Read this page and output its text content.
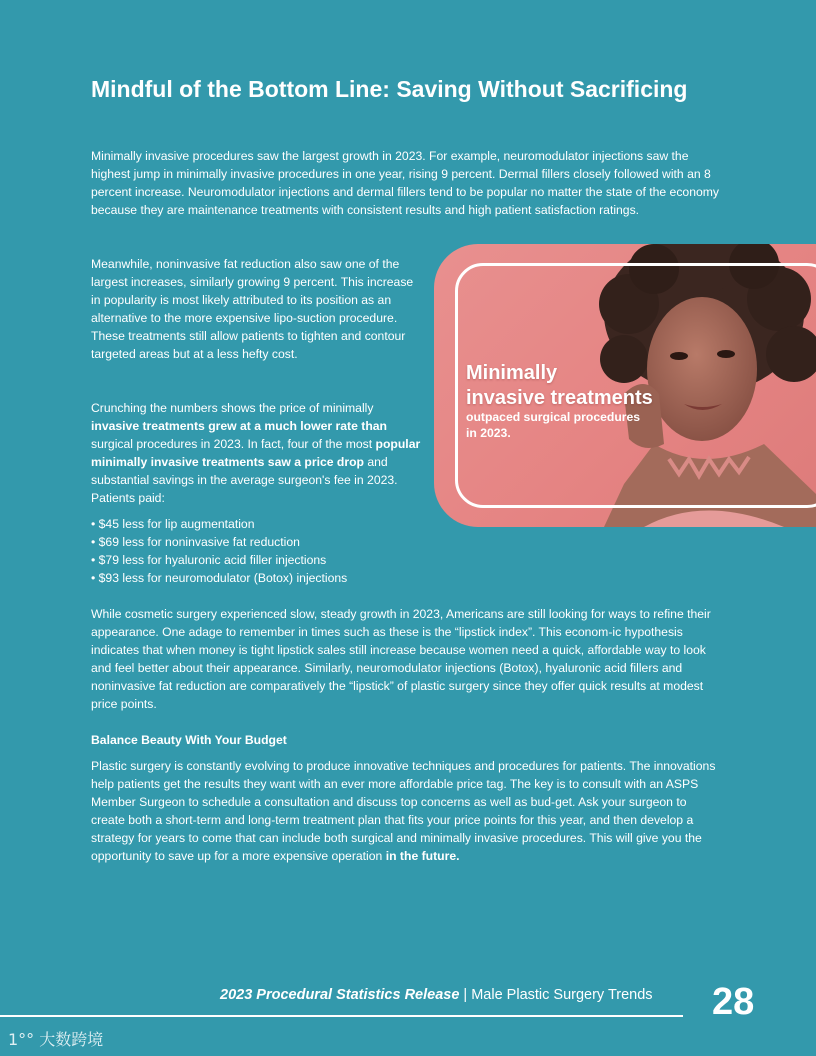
Mindful of the Bottom Line: Saving Without Sacrificing

Minimally invasive procedures saw the largest growth in 2023. For example, neuromodulator injections saw the highest jump in minimally invasive procedures in one year, rising 9 percent. Dermal fillers closely followed with an 8 percent increase. Neuromodulator injections and dermal fillers tend to be popular no matter the state of the economy because they are maintenance treatments with consistent results and high patient satisfaction ratings.

Meanwhile, noninvasive fat reduction also saw one of the largest increases, similarly growing 9 percent. This increase in popularity is most likely attributed to its position as an alternative to the more expensive lipo-suction procedure. These treatments still allow patients to tighten and contour targeted areas but at a less hefty cost.

Crunching the numbers shows the price of minimally invasive treatments grew at a much lower rate than surgical procedures in 2023. In fact, four of the most popular minimally invasive treatments saw a price drop and substantial savings in the average surgeon's fee in 2023. Patients paid:

• $45 less for lip augmentation
• $69 less for noninvasive fat reduction
• $79 less for hyaluronic acid filler injections
• $93 less for neuromodulator (Botox) injections

Minimally
invasive treatments

outpaced surgical procedures
in 2023.

While cosmetic surgery experienced slow, steady growth in 2023, Americans are still looking for ways to refine their appearance. One adage to remember in times such as these is the “lipstick index”. This econom-ic hypothesis indicates that when money is tight lipstick sales still increase because women need a quick, affordable way to look and feel better about their appearance. Similarly, neuromodulator injections (Botox), hyaluronic acid fillers and noninvasive fat reduction are comparatively the “lipstick” of plastic surgery since they offer quick results at modest price points.

Balance Beauty With Your Budget

Plastic surgery is constantly evolving to produce innovative techniques and procedures for patients. The innovations help patients get the results they want with an ever more affordable price tag. The key is to consult with an ASPS Member Surgeon to schedule a consultation and discuss top concerns as well as bud-get. Ask your surgeon to create both a short-term and long-term treatment plan that fits your price points for this year, and then develop a strategy for years to come that can include both surgical and minimally invasive procedures. This will give you the opportunity to save up for a more expensive operation in the future.

2023 Procedural Statistics Release | Male Plastic Surgery Trends	28

1°° 大数跨境
